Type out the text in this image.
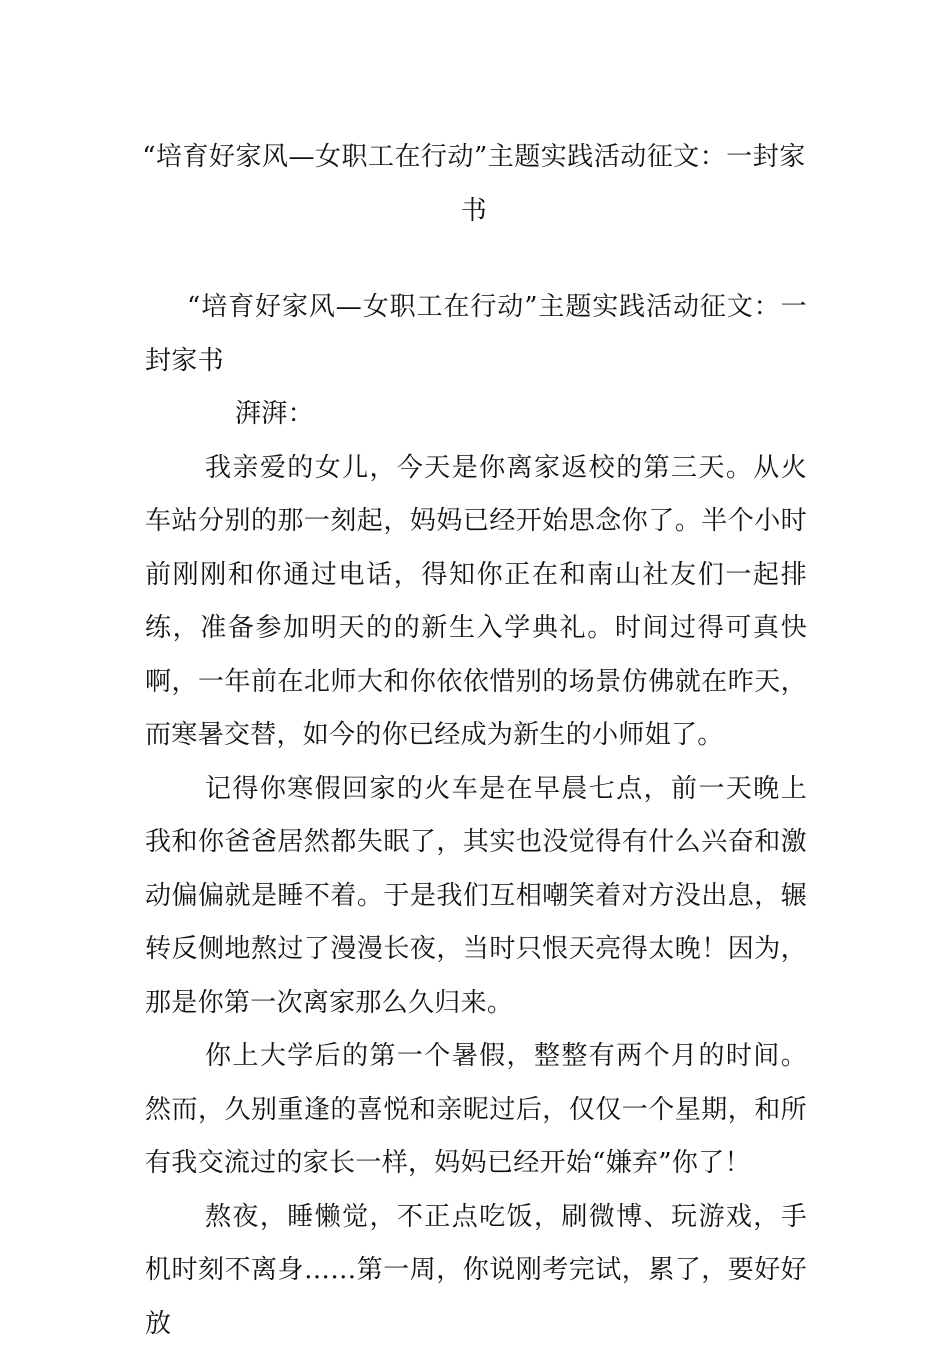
“培育好家风—女职工在行动”主题实践活动征文：一封家书

“培育好家风—女职工在行动”主题实践活动征文：一封家书

湃湃：

我亲爱的女儿，今天是你离家返校的第三天。从火车站分别的那一刻起，妈妈已经开始思念你了。半个小时前刚刚和你通过电话，得知你正在和南山社友们一起排练，准备参加明天的的新生入学典礼。时间过得可真快啊，一年前在北师大和你依依惜别的场景仿佛就在昨天，而寒暑交替，如今的你已经成为新生的小师姐了。

记得你寒假回家的火车是在早晨七点，前一天晚上我和你爸爸居然都失眠了，其实也没觉得有什么兴奋和激动偏偏就是睡不着。于是我们互相嘲笑着对方没出息，辗转反侧地熬过了漫漫长夜，当时只恨天亮得太晚！因为，那是你第一次离家那么久归来。

你上大学后的第一个暑假，整整有两个月的时间。然而，久别重逢的喜悦和亲昵过后，仅仅一个星期，和所有我交流过的家长一样，妈妈已经开始“嫌弃”你了！

熬夜，睡懒觉，不正点吃饭，刷微博、玩游戏，手机时刻不离身……第一周，你说刚考完试，累了，要好好放
